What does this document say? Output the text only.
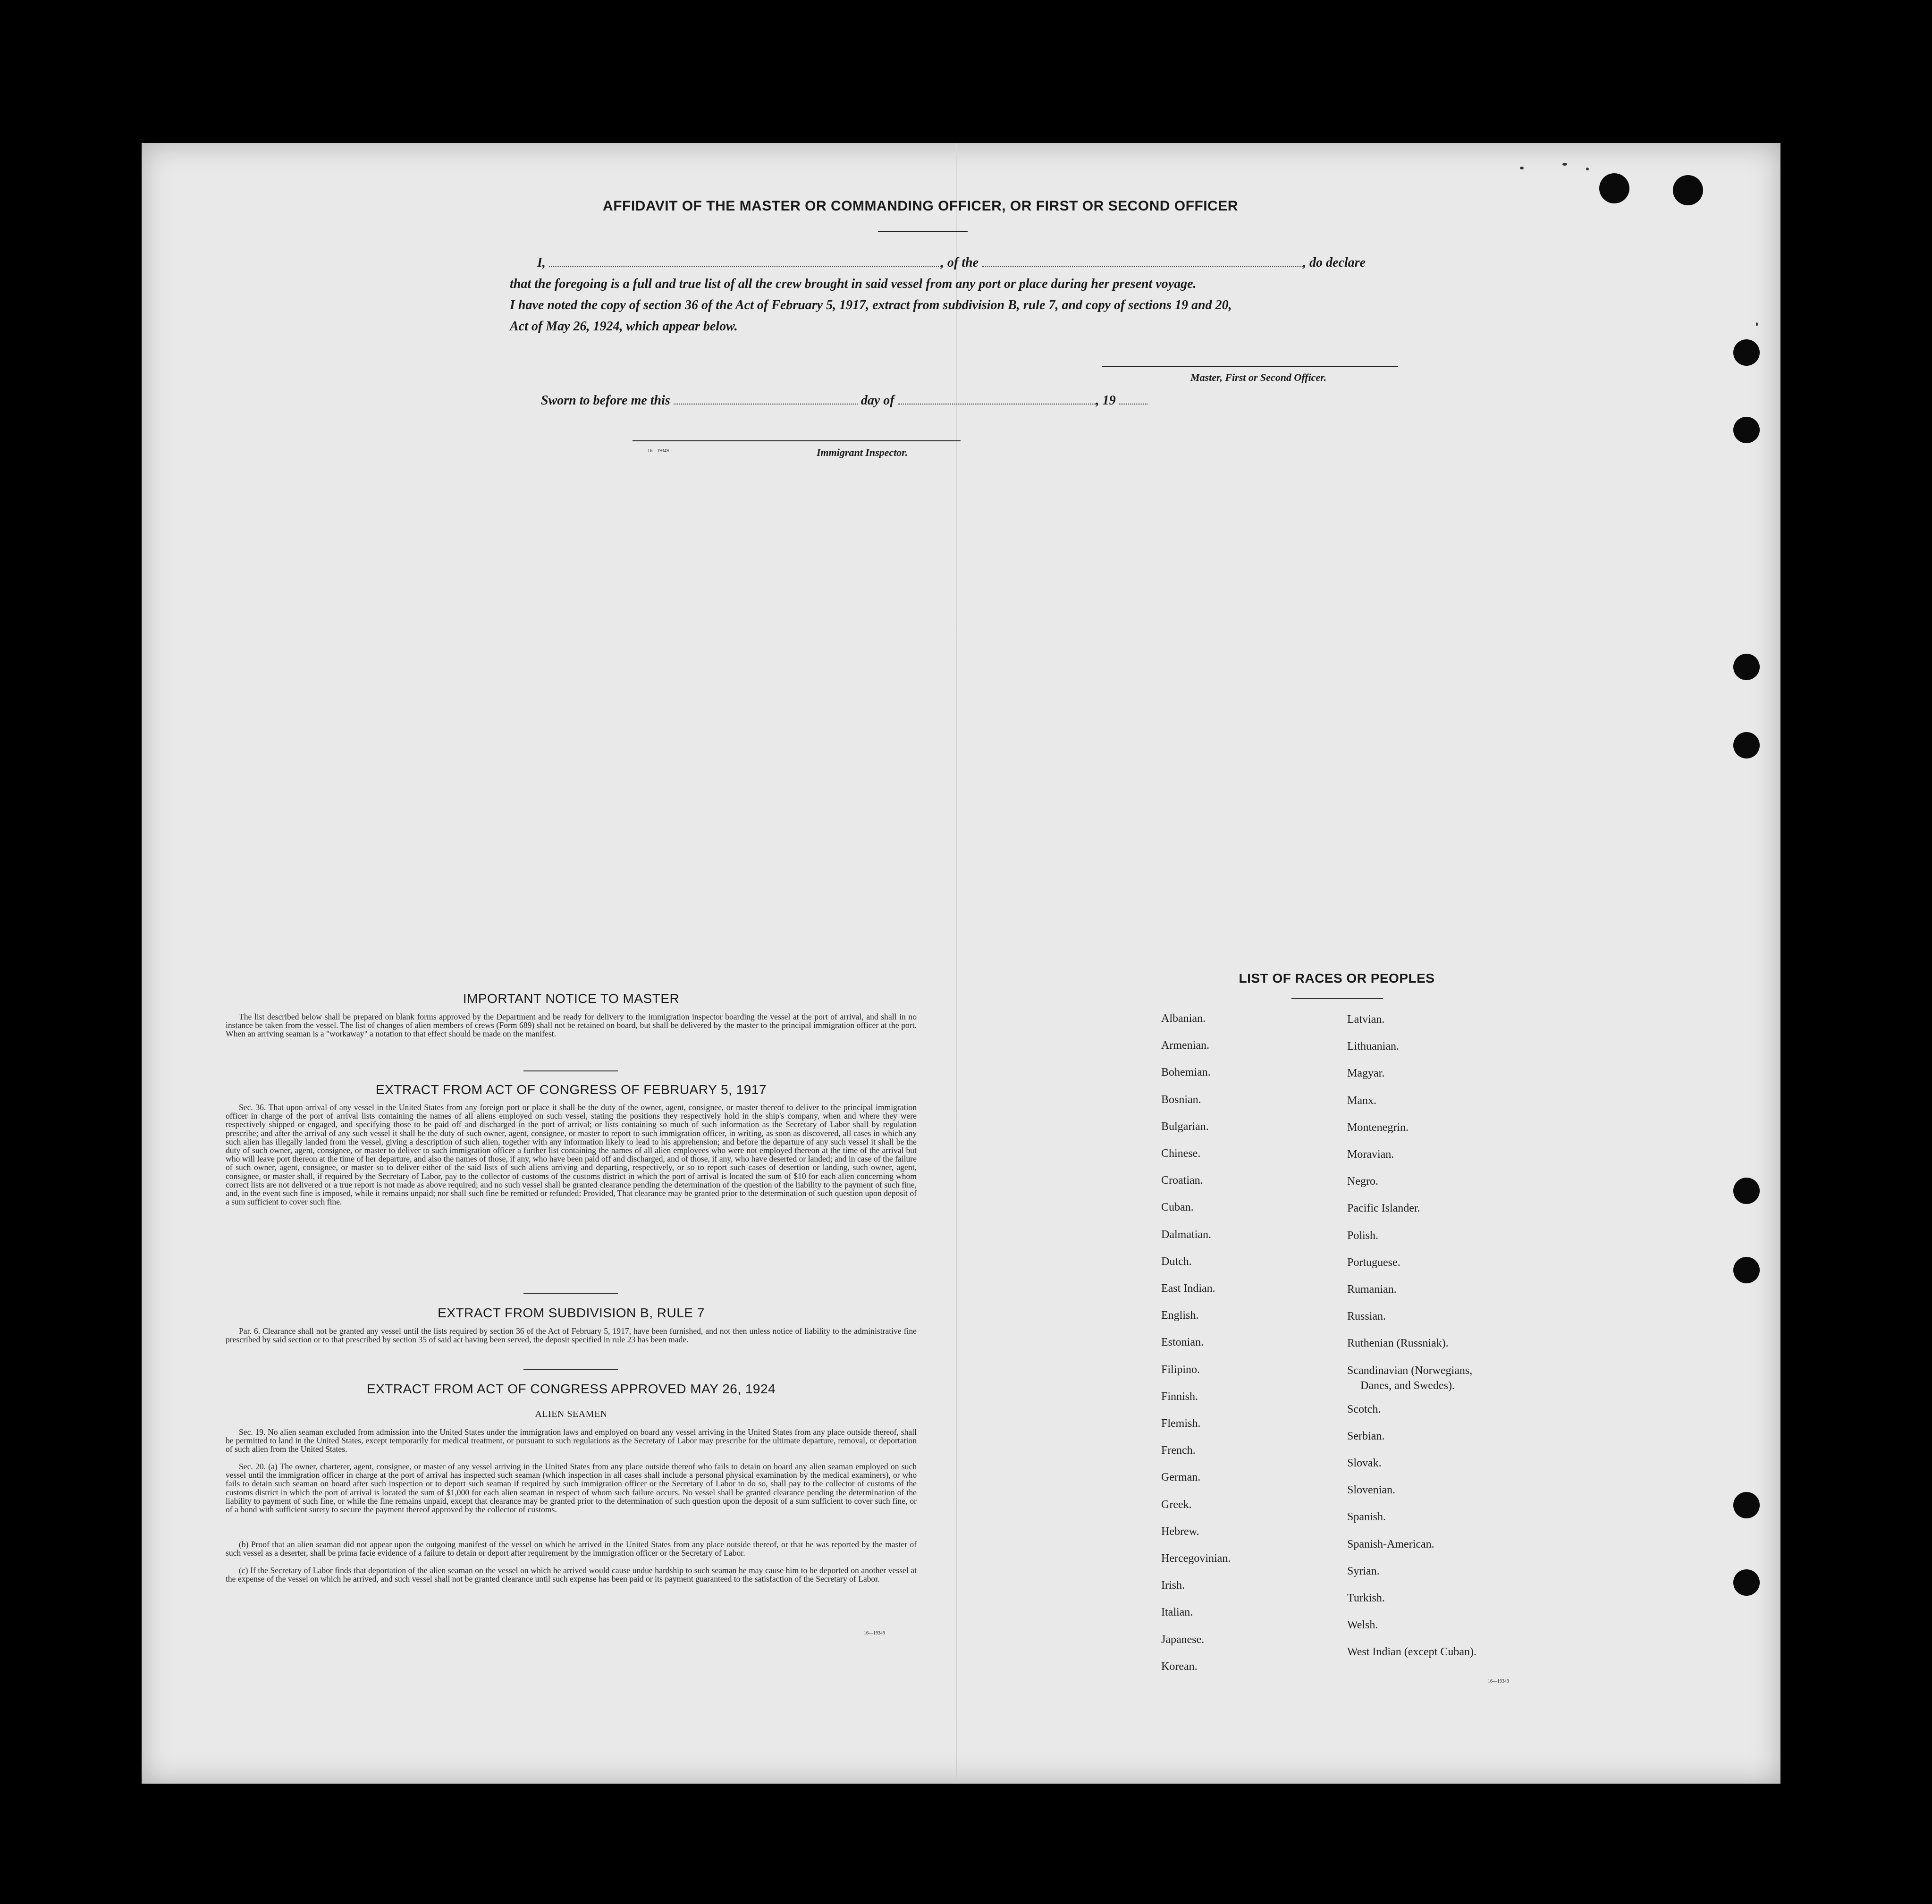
AFFIDAVIT OF THE MASTER OR COMMANDING OFFICER, OR FIRST OR SECOND OFFICER
I,	, of the	, do declare
that the foregoing is a full and true list of all the crew brought in said vessel from any port or place during her present voyage.
I have noted the copy of section 36 of the Act of February 5, 1917, extract from subdivision B, rule 7, and copy of sections 19 and 20,
Act of May 26, 1924, which appear below.
Master, First or Second Officer.
Sworn to before me this	day of	, 19
16—19349	Immigrant Inspector.
IMPORTANT NOTICE TO MASTER
The list described below shall be prepared on blank forms approved by the Department and be ready for delivery to the immigration inspector boarding the vessel at the port of arrival, and shall in no instance be taken from the vessel. The list of changes of alien members of crews (Form 689) shall not be retained on board, but shall be delivered by the master to the principal immigration officer at the port. When an arriving seaman is a "workaway" a notation to that effect should be made on the manifest.
EXTRACT FROM ACT OF CONGRESS OF FEBRUARY 5, 1917
Sec. 36. That upon arrival of any vessel in the United States from any foreign port or place it shall be the duty of the owner, agent, consignee, or master thereof to deliver to the principal immigration officer in charge of the port of arrival lists containing the names of all aliens employed on such vessel, stating the positions they respectively hold in the ship's company, when and where they were respectively shipped or engaged, and specifying those to be paid off and discharged in the port of arrival; or lists containing so much of such information as the Secretary of Labor shall by regulation prescribe; and after the arrival of any such vessel it shall be the duty of such owner, agent, consignee, or master to report to such immigration officer, in writing, as soon as discovered, all cases in which any such alien has illegally landed from the vessel, giving a description of such alien, together with any information likely to lead to his apprehension; and before the departure of any such vessel it shall be the duty of such owner, agent, consignee, or master to deliver to such immigration officer a further list containing the names of all alien employees who were not employed thereon at the time of the arrival but who will leave port thereon at the time of her departure, and also the names of those, if any, who have been paid off and discharged, and of those, if any, who have deserted or landed; and in case of the failure of such owner, agent, consignee, or master so to deliver either of the said lists of such aliens arriving and departing, respectively, or so to report such cases of desertion or landing, such owner, agent, consignee, or master shall, if required by the Secretary of Labor, pay to the collector of customs of the customs district in which the port of arrival is located the sum of $10 for each alien concerning whom correct lists are not delivered or a true report is not made as above required; and no such vessel shall be granted clearance pending the determination of the question of the liability to the payment of such fine, and, in the event such fine is imposed, while it remains unpaid; nor shall such fine be remitted or refunded: Provided, That clearance may be granted prior to the determination of such question upon deposit of a sum sufficient to cover such fine.
EXTRACT FROM SUBDIVISION B, RULE 7
Par. 6. Clearance shall not be granted any vessel until the lists required by section 36 of the Act of February 5, 1917, have been furnished, and not then unless notice of liability to the administrative fine prescribed by said section or to that prescribed by section 35 of said act having been served, the deposit specified in rule 23 has been made.
EXTRACT FROM ACT OF CONGRESS APPROVED MAY 26, 1924
ALIEN SEAMEN
Sec. 19. No alien seaman excluded from admission into the United States under the immigration laws and employed on board any vessel arriving in the United States from any place outside thereof, shall be permitted to land in the United States, except temporarily for medical treatment, or pursuant to such regulations as the Secretary of Labor may prescribe for the ultimate departure, removal, or deportation of such alien from the United States.
Sec. 20. (a) The owner, charterer, agent, consignee, or master of any vessel arriving in the United States from any place outside thereof who fails to detain on board any alien seaman employed on such vessel until the immigration officer in charge at the port of arrival has inspected such seaman (which inspection in all cases shall include a personal physical examination by the medical examiners), or who fails to detain such seaman on board after such inspection or to deport such seaman if required by such immigration officer or the Secretary of Labor to do so, shall pay to the collector of customs of the customs district in which the port of arrival is located the sum of $1,000 for each alien seaman in respect of whom such failure occurs. No vessel shall be granted clearance pending the determination of the liability to payment of such fine, or while the fine remains unpaid, except that clearance may be granted prior to the determination of such question upon the deposit of a sum sufficient to cover such fine, or of a bond with sufficient surety to secure the payment thereof approved by the collector of customs.
(b) Proof that an alien seaman did not appear upon the outgoing manifest of the vessel on which he arrived in the United States from any place outside thereof, or that he was reported by the master of such vessel as a deserter, shall be prima facie evidence of a failure to detain or deport after requirement by the immigration officer or the Secretary of Labor.
(c) If the Secretary of Labor finds that deportation of the alien seaman on the vessel on which he arrived would cause undue hardship to such seaman he may cause him to be deported on another vessel at the expense of the vessel on which he arrived, and such vessel shall not be granted clearance until such expense has been paid or its payment guaranteed to the satisfaction of the Secretary of Labor.
16—19349
LIST OF RACES OR PEOPLES
16—19349
Albanian.
Armenian.
Bohemian.
Bosnian.
Bulgarian.
Chinese.
Croatian.
Cuban.
Dalmatian.
Dutch.
East Indian.
English.
Estonian.
Filipino.
Finnish.
Flemish.
French.
German.
Greek.
Hebrew.
Hercegovinian.
Irish.
Italian.
Japanese.
Korean.
Latvian.
Lithuanian.
Magyar.
Manx.
Montenegrin.
Moravian.
Negro.
Pacific Islander.
Polish.
Portuguese.
Rumanian.
Russian.
Ruthenian (Russniak).
Scandinavian (Norwegians,
Danes, and Swedes).
Scotch.
Serbian.
Slovak.
Slovenian.
Spanish.
Spanish-American.
Syrian.
Turkish.
Welsh.
West Indian (except Cuban).
